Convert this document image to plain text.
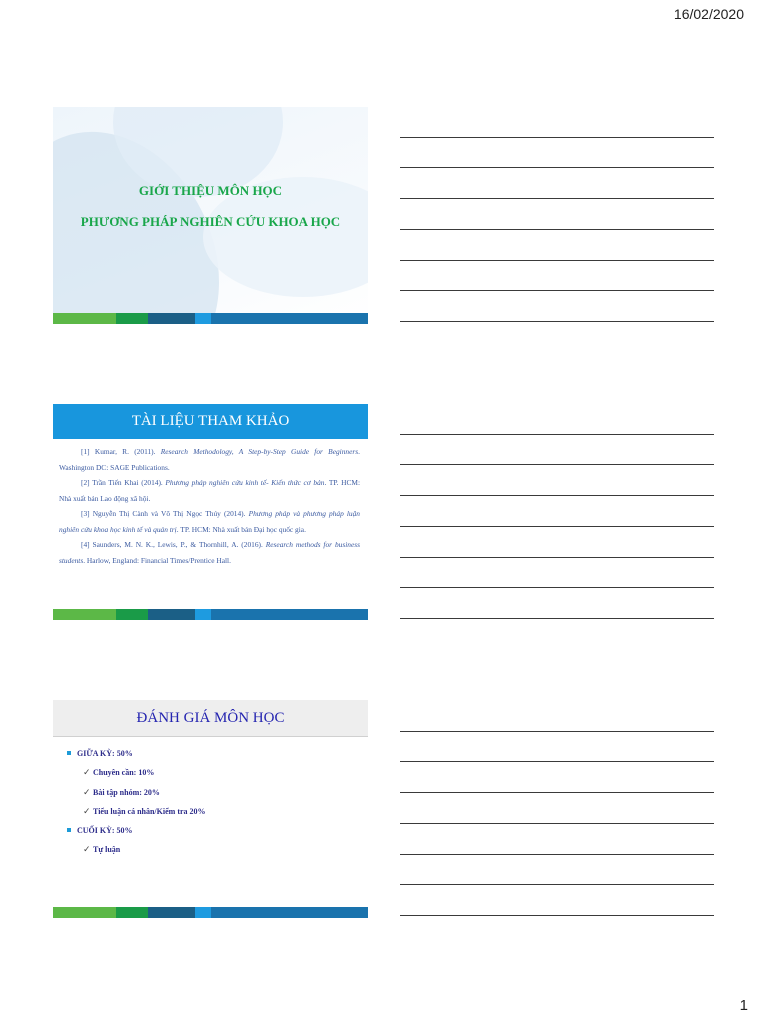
16/02/2020
GIỚI THIỆU MÔN HỌC
PHƯƠNG PHÁP NGHIÊN CỨU KHOA HỌC
TÀI LIỆU THAM KHẢO

[1] Kumar, R. (2011). Research Methodology, A Step-by-Step Guide for Beginners. Washington DC: SAGE Publications.

[2] Trần Tiến Khai (2014). Phương pháp nghiên cứu kinh tế- Kiến thức cơ bản. TP. HCM: Nhà xuất bản Lao động xã hội.

[3] Nguyễn Thị Cành và Võ Thị Ngọc Thúy (2014). Phương pháp và phương pháp luận nghiên cứu khoa học kinh tế và quản trị. TP. HCM: Nhà xuất bản Đại học quốc gia.

[4] Saunders, M. N. K., Lewis, P., & Thornhill, A. (2016). Research methods for business students. Harlow, England: Financial Times/Prentice Hall.

ĐÁNH GIÁ MÔN HỌC
GIỮA KỲ: 50%
✓ Chuyên cần: 10%
✓ Bài tập nhóm: 20%
✓ Tiểu luận cá nhân/Kiểm tra 20%
CUỐI KỲ: 50%
✓ Tự luận
1
